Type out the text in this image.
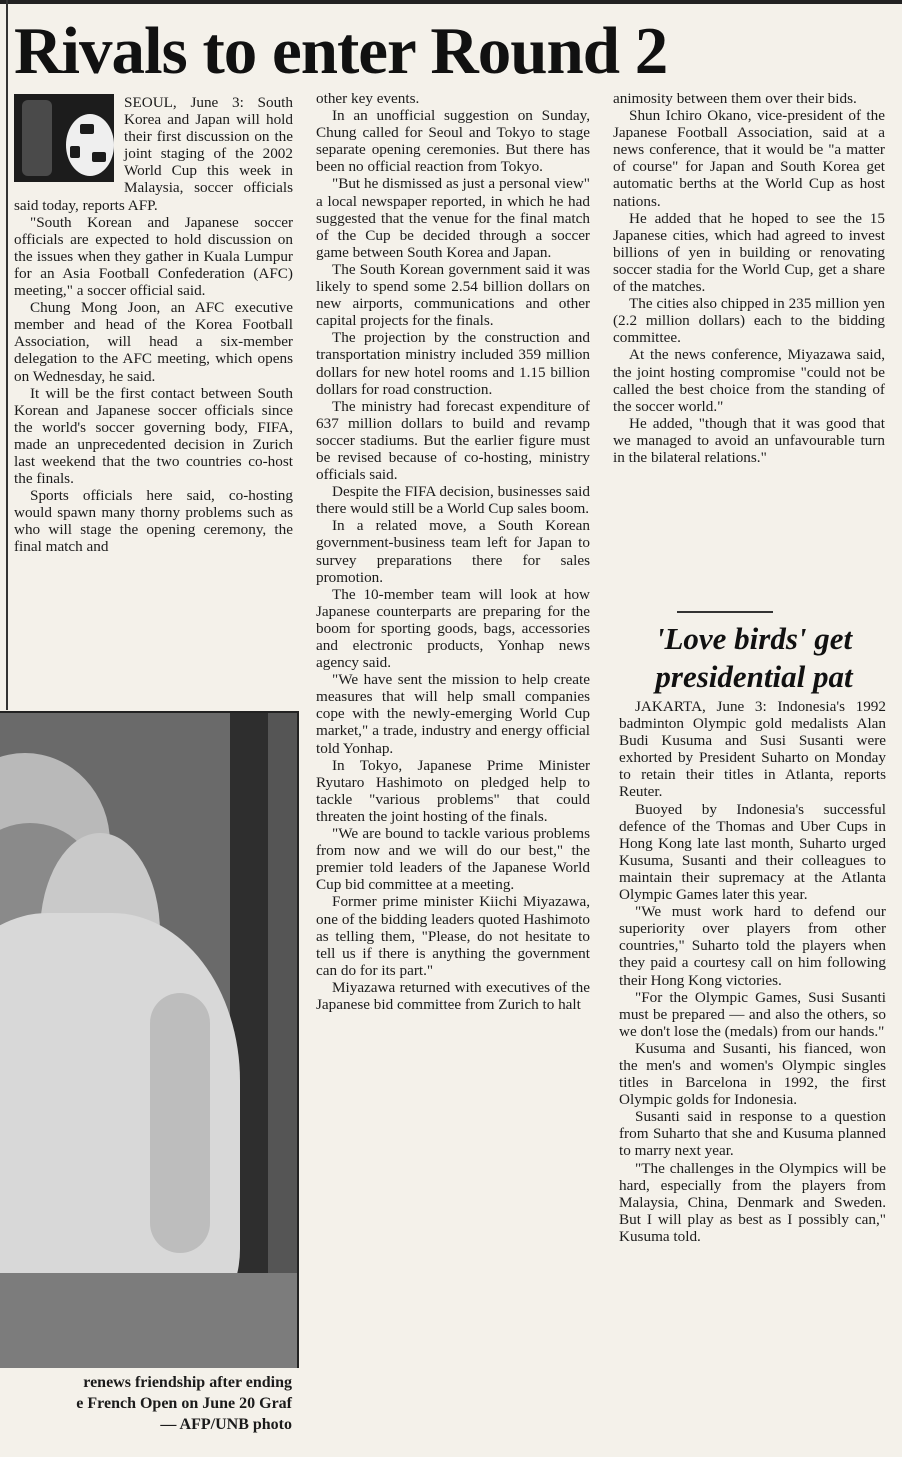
Rivals to enter Round 2

SEOUL, June 3: South Korea and Japan will hold their first discussion on the joint staging of the 2002 World Cup this week in Malaysia, soccer officials said today, reports AFP.

"South Korean and Japanese soccer officials are expected to hold discussion on the issues when they gather in Kuala Lumpur for an Asia Football Confederation (AFC) meeting," a soccer official said.

Chung Mong Joon, an AFC executive member and head of the Korea Football Association, will head a six-member delegation to the AFC meeting, which opens on Wednesday, he said.

It will be the first contact between South Korean and Japanese soccer officials since the world's soccer governing body, FIFA, made an unprecedented decision in Zurich last weekend that the two countries co-host the finals.

Sports officials here said, co-hosting would spawn many thorny problems such as who will stage the opening ceremony, the final match and

other key events.

In an unofficial suggestion on Sunday, Chung called for Seoul and Tokyo to stage separate opening ceremonies. But there has been no official reaction from Tokyo.

"But he dismissed as just a personal view" a local newspaper reported, in which he had suggested that the venue for the final match of the Cup be decided through a soccer game between South Korea and Japan.

The South Korean government said it was likely to spend some 2.54 billion dollars on new airports, communications and other capital projects for the finals.

The projection by the construction and transportation ministry included 359 million dollars for new hotel rooms and 1.15 billion dollars for road construction.

The ministry had forecast expenditure of 637 million dollars to build and revamp soccer stadiums. But the earlier figure must be revised because of co-hosting, ministry officials said.

Despite the FIFA decision, businesses said there would still be a World Cup sales boom.

In a related move, a South Korean government-business team left for Japan to survey preparations there for sales promotion.

The 10-member team will look at how Japanese counterparts are preparing for the boom for sporting goods, bags, accessories and electronic products, Yonhap news agency said.

"We have sent the mission to help create measures that will help small companies cope with the newly-emerging World Cup market," a trade, industry and energy official told Yonhap.

In Tokyo, Japanese Prime Minister Ryutaro Hashimoto on pledged help to tackle "various problems" that could threaten the joint hosting of the finals.

"We are bound to tackle various problems from now and we will do our best," the premier told leaders of the Japanese World Cup bid committee at a meeting.

Former prime minister Kiichi Miyazawa, one of the bidding leaders quoted Hashimoto as telling them, "Please, do not hesitate to tell us if there is anything the government can do for its part."

Miyazawa returned with executives of the Japanese bid committee from Zurich to halt

animosity between them over their bids.

Shun Ichiro Okano, vice-president of the Japanese Football Association, said at a news conference, that it would be "a matter of course" for Japan and South Korea get automatic berths at the World Cup as host nations.

He added that he hoped to see the 15 Japanese cities, which had agreed to invest billions of yen in building or renovating soccer stadia for the World Cup, get a share of the matches.

The cities also chipped in 235 million yen (2.2 million dollars) each to the bidding committee.

At the news conference, Miyazawa said, the joint hosting compromise "could not be called the best choice from the standing of the soccer world."

He added, "though that it was good that we managed to avoid an unfavourable turn in the bilateral relations."

'Love birds' get presidential pat

JAKARTA, June 3: Indonesia's 1992 badminton Olympic gold medalists Alan Budi Kusuma and Susi Susanti were exhorted by President Suharto on Monday to retain their titles in Atlanta, reports Reuter.

Buoyed by Indonesia's successful defence of the Thomas and Uber Cups in Hong Kong late last month, Suharto urged Kusuma, Susanti and their colleagues to maintain their supremacy at the Atlanta Olympic Games later this year.

"We must work hard to defend our superiority over players from other countries," Suharto told the players when they paid a courtesy call on him following their Hong Kong victories.

"For the Olympic Games, Susi Susanti must be prepared — and also the others, so we don't lose the (medals) from our hands."

Kusuma and Susanti, his fianced, won the men's and women's Olympic singles titles in Barcelona in 1992, the first Olympic golds for Indonesia.

Susanti said in response to a question from Suharto that she and Kusuma planned to marry next year.

"The challenges in the Olympics will be hard, especially from the players from Malaysia, China, Denmark and Sweden. But I will play as best as I possibly can," Kusuma told.

renews friendship after ending
e French Open on June 20 Graf
— AFP/UNB photo
